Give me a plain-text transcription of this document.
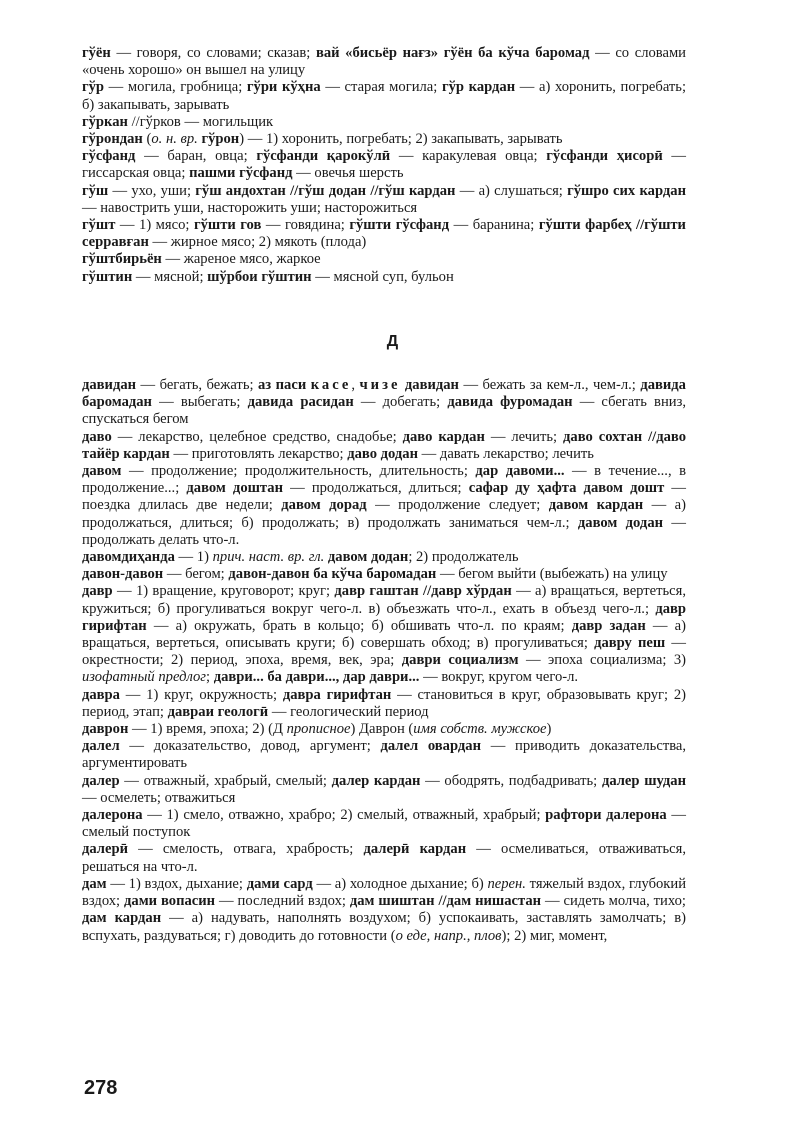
гўён — говоря, со словами; сказав; вай «бисьёр нағз» гўён ба кўча баромад — со словами «очень хорошо» он вышел на улицу

гўр — могила, гробница; гўри кўҳна — старая могила; гўр кардан — а) хоронить, погребать; б) закапывать, зарывать

гўркан //гўрков — могильщик

гўрондан (о. н. вр. гўрон) — 1) хоронить, погребать; 2) закапывать, зарывать

гўсфанд — баран, овца; гўсфанди қарокўлӣ — каракулевая овца; гўсфанди ҳисорӣ — гиссарская овца; пашми гўсфанд — овечья шерсть

гўш — ухо, уши; гўш андохтан //гўш додан //гўш кардан — а) слушаться; гўшро сих кардан — навострить уши, насторожить уши; насторожиться

гўшт — 1) мясо; гўшти гов — говядина; гўшти гўсфанд — баранина; гўшти фарбеҳ //гўшти серравған — жирное мясо; 2) мякоть (плода)

гўштбирьён — жареное мясо, жаркое

гўштин — мясной; шўрбои гўштин — мясной суп, бульон

Д

давидан — бегать, бежать; аз паси касе, чизе давидан — бежать за кем-л., чем-л.; давида баромадан — выбегать; давида расидан — добегать; давида фуромадан — сбегать вниз, спускаться бегом

даво — лекарство, целебное средство, снадобье; даво кардан — лечить; даво сохтан //даво тайёр кардан — приготовлять лекарство; даво додан — давать лекарство; лечить

давом — продолжение; продолжительность, длительность; дар давоми... — в течение..., в продолжение...; давом доштан — продолжаться, длиться; сафар ду ҳафта давом дошт — поездка длилась две недели; давом дорад — продолжение следует; давом кардан — а) продолжаться, длиться; б) продолжать; в) продолжать заниматься чем-л.; давом додан — продолжать делать что-л.

давомдиҳанда — 1) прич. наст. вр. гл. давом додан; 2) продолжатель

давон-давон — бегом; давон-давон ба кўча баромадан — бегом выйти (выбежать) на улицу

давр — 1) вращение, круговорот; круг; давр гаштан //давр хўрдан — а) вращаться, вертеться, кружиться; б) прогуливаться вокруг чего-л. в) объезжать что-л., ехать в объезд чего-л.; давр гирифтан — а) окружать, брать в кольцо; б) обшивать что-л. по краям; давр задан — а) вращаться, вертеться, описывать круги; б) совершать обход; в) прогуливаться; давру пеш — окрестности; 2) период, эпоха, время, век, эра; даври социализм — эпоха социализма; 3) изофатный предлог; даври... ба даври..., дар даври... — вокруг, кругом чего-л.

давра — 1) круг, окружность; давра гирифтан — становиться в круг, образовывать круг; 2) период, этап; давраи геологӣ — геологический период

даврон — 1) время, эпоха; 2) (Д прописное) Даврон (имя собств. мужское)

далел — доказательство, довод, аргумент; далел овардан — приводить доказательства, аргументировать

далер — отважный, храбрый, смелый; далер кардан — ободрять, подбадривать; далер шудан — осмелеть; отважиться

далерона — 1) смело, отважно, храбро; 2) смелый, отважный, храбрый; рафтори далерона — смелый поступок

далерӣ — смелость, отвага, храбрость; далерӣ кардан — осмеливаться, отваживаться, решаться на что-л.

дам — 1) вздох, дыхание; дами сард — а) холодное дыхание; б) перен. тяжелый вздох, глубокий вздох; дами вопасин — последний вздох; дам шиштан //дам нишастан — сидеть молча, тихо; дам кардан — а) надувать, наполнять воздухом; б) успокаивать, заставлять замолчать; в) вспухать, раздуваться; г) доводить до готовности (о еде, напр., плов); 2) миг, момент,

278
